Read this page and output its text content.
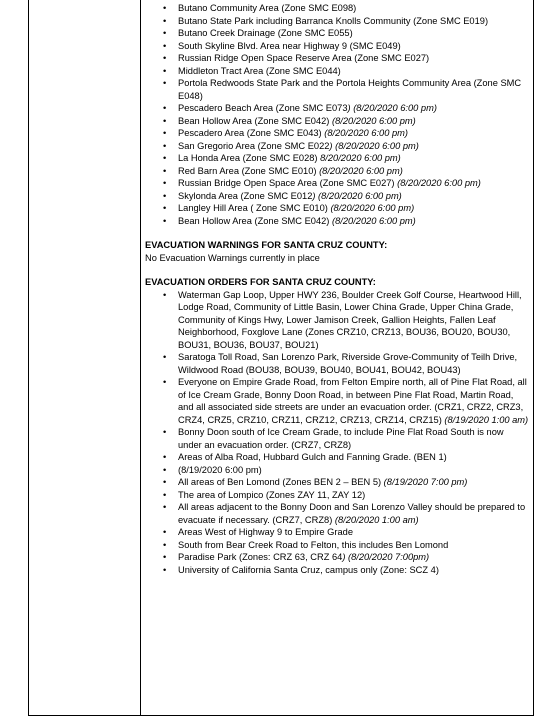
• Butano Community Area (Zone SMC E098)
• Butano State Park including Barranca Knolls Community (Zone SMC E019)
• Butano Creek Drainage (Zone SMC E055)
• South Skyline Blvd. Area near Highway 9 (SMC E049)
• Russian Ridge Open Space Reserve Area (Zone SMC E027)
• Middleton Tract Area (Zone SMC E044)
• Portola Redwoods State Park and the Portola Heights Community Area (Zone SMC E048)
• Pescadero Beach Area (Zone SMC E073) (8/20/2020 6:00 pm)
• Bean Hollow Area (Zone SMC E042) (8/20/2020 6:00 pm)
• Pescadero Area (Zone SMC E043) (8/20/2020 6:00 pm)
• San Gregorio Area (Zone SMC E022) (8/20/2020 6:00 pm)
• La Honda Area (Zone SMC E028) 8/20/2020 6:00 pm)
• Red Barn Area (Zone SMC E010) (8/20/2020 6:00 pm)
• Russian Bridge Open Space Area (Zone SMC E027) (8/20/2020 6:00 pm)
• Skylonda Area (Zone SMC E012) (8/20/2020 6:00 pm)
• Langley Hill Area ( Zone SMC E010) (8/20/2020 6:00 pm)
• Bean Hollow Area (Zone SMC E042) (8/20/2020 6:00 pm)
EVACUATION WARNINGS FOR SANTA CRUZ COUNTY:
No Evacuation Warnings currently in place
EVACUATION ORDERS FOR SANTA CRUZ COUNTY:
• Waterman Gap Loop, Upper HWY 236, Boulder Creek Golf Course, Heartwood Hill, Lodge Road, Community of Little Basin, Lower China Grade, Upper China Grade, Community of Kings Hwy, Lower Jamison Creek, Gallion Heights, Fallen Leaf Neighborhood, Foxglove Lane (Zones CRZ10, CRZ13, BOU36, BOU20, BOU30, BOU31, BOU36, BOU37, BOU21)
• Saratoga Toll Road, San Lorenzo Park, Riverside Grove-Community of Teilh Drive, Wildwood Road (BOU38, BOU39, BOU40, BOU41, BOU42, BOU43)
• Everyone on Empire Grade Road, from Felton Empire north, all of Pine Flat Road, all of Ice Cream Grade, Bonny Doon Road, in between Pine Flat Road, Martin Road, and all associated side streets are under an evacuation order. (CRZ1, CRZ2, CRZ3, CRZ4, CRZ5, CRZ10, CRZ11, CRZ12, CRZ13, CRZ14, CRZ15) (8/19/2020 1:00 am)
• Bonny Doon south of Ice Cream Grade, to include Pine Flat Road South is now under an evacuation order. (CRZ7, CRZ8)
• Areas of Alba Road, Hubbard Gulch and Fanning Grade. (BEN 1)
• (8/19/2020 6:00 pm)
• All areas of Ben Lomond (Zones BEN 2 – BEN 5) (8/19/2020 7:00 pm)
• The area of Lompico (Zones ZAY 11, ZAY 12)
• All areas adjacent to the Bonny Doon and San Lorenzo Valley should be prepared to evacuate if necessary. (CRZ7, CRZ8) (8/20/2020 1:00 am)
• Areas West of Highway 9 to Empire Grade
• South from Bear Creek Road to Felton, this includes Ben Lomond
• Paradise Park (Zones: CRZ 63, CRZ 64) (8/20/2020 7:00pm)
• University of California Santa Cruz, campus only (Zone: SCZ 4)
